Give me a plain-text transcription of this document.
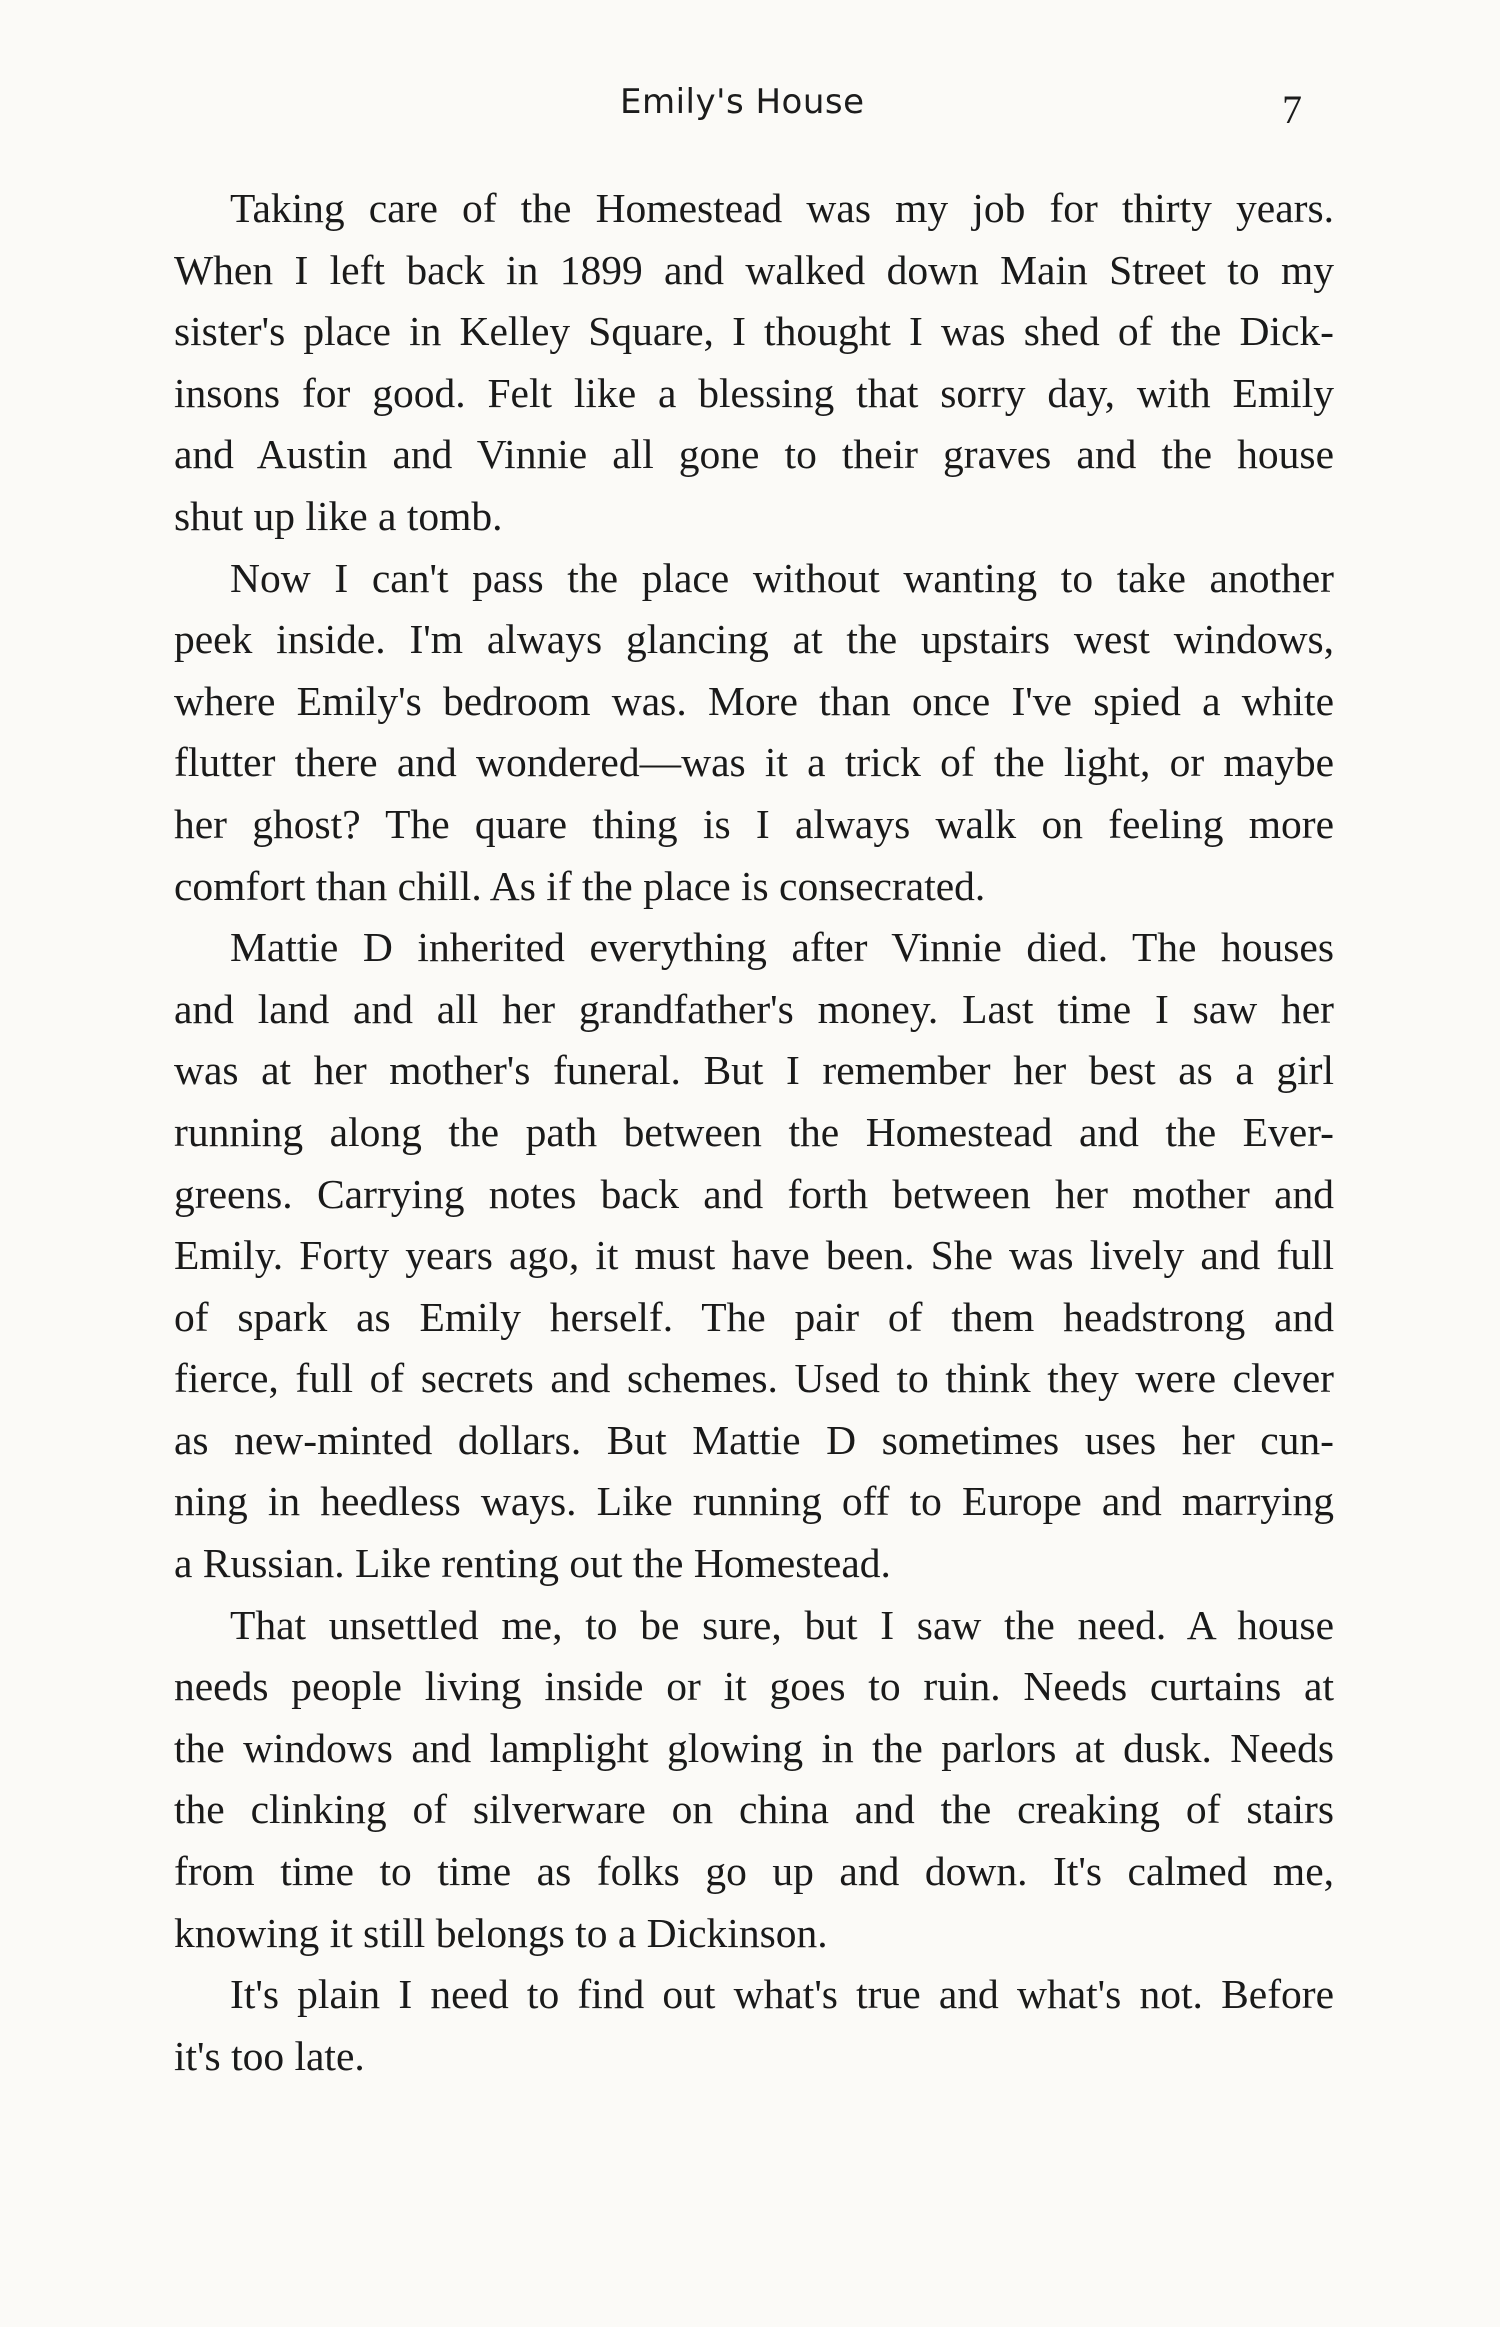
Emily's House	7

Taking care of the Homestead was my job for thirty years.
When I left back in 1899 and walked down Main Street to my
sister's place in Kelley Square, I thought I was shed of the Dick-
insons for good. Felt like a blessing that sorry day, with Emily
and Austin and Vinnie all gone to their graves and the house
shut up like a tomb.

Now I can't pass the place without wanting to take another
peek inside. I'm always glancing at the upstairs west windows,
where Emily's bedroom was. More than once I've spied a white
flutter there and wondered—was it a trick of the light, or maybe
her ghost? The quare thing is I always walk on feeling more
comfort than chill. As if the place is consecrated.

Mattie D inherited everything after Vinnie died. The houses
and land and all her grandfather's money. Last time I saw her
was at her mother's funeral. But I remember her best as a girl
running along the path between the Homestead and the Ever-
greens. Carrying notes back and forth between her mother and
Emily. Forty years ago, it must have been. She was lively and full
of spark as Emily herself. The pair of them headstrong and
fierce, full of secrets and schemes. Used to think they were clever
as new-minted dollars. But Mattie D sometimes uses her cun-
ning in heedless ways. Like running off to Europe and marrying
a Russian. Like renting out the Homestead.

That unsettled me, to be sure, but I saw the need. A house
needs people living inside or it goes to ruin. Needs curtains at
the windows and lamplight glowing in the parlors at dusk. Needs
the clinking of silverware on china and the creaking of stairs
from time to time as folks go up and down. It's calmed me,
knowing it still belongs to a Dickinson.

It's plain I need to find out what's true and what's not. Before
it's too late.
